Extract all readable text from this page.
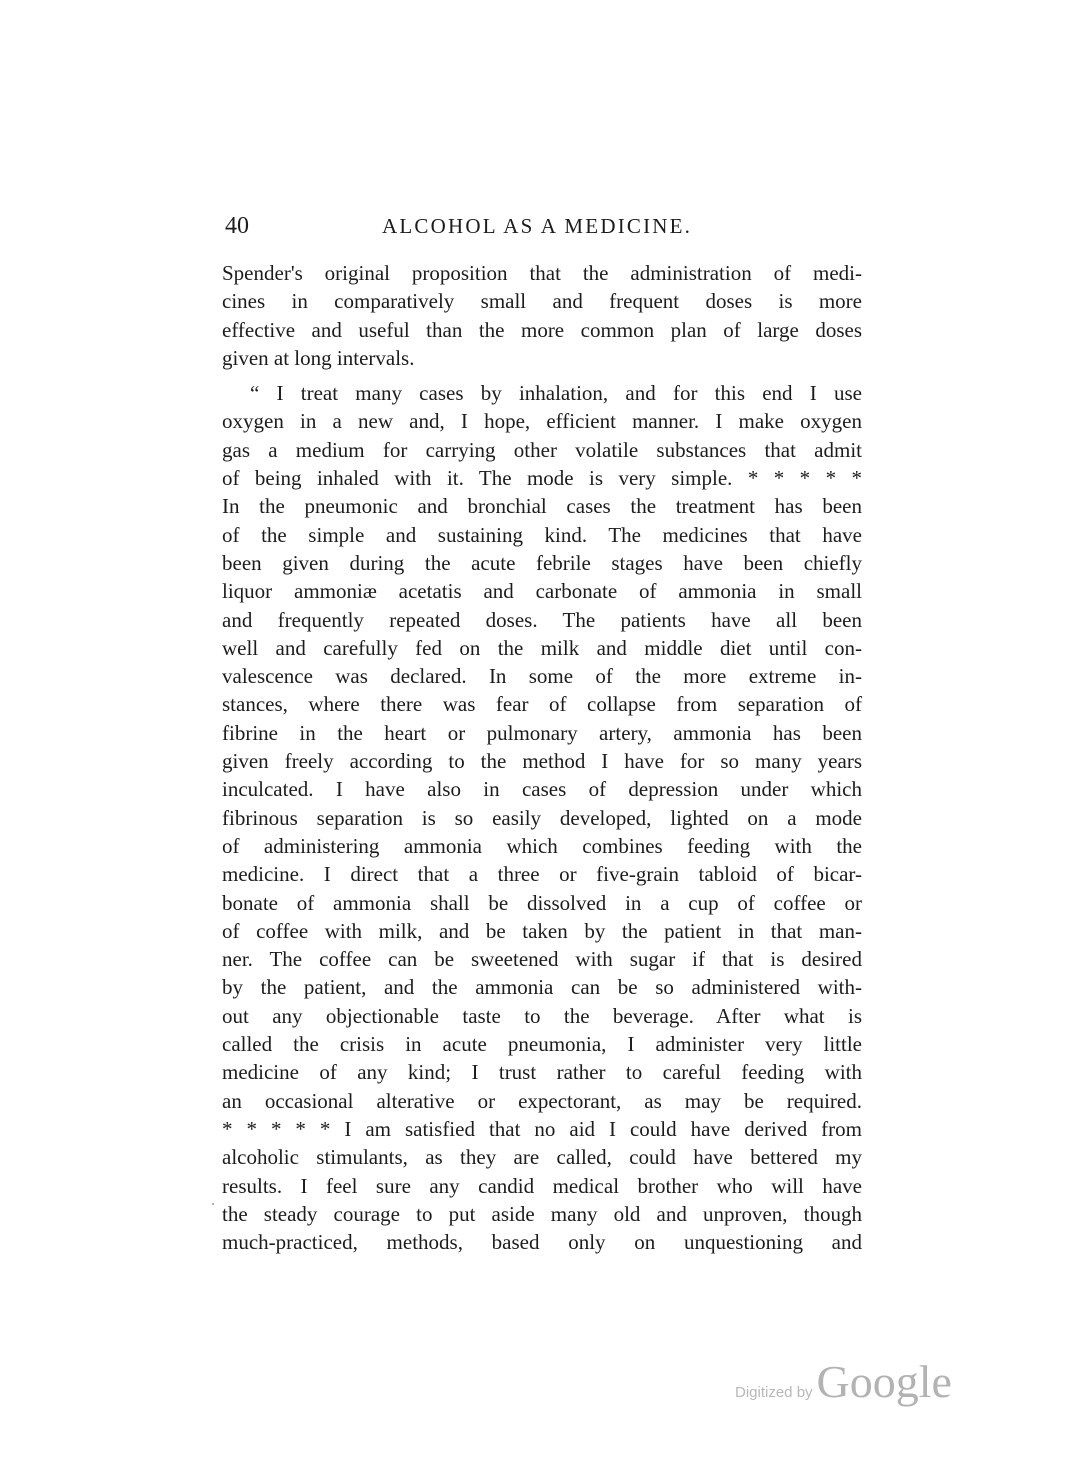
40	ALCOHOL AS A MEDICINE.
Spender's original proposition that the administration of medi-
cines in comparatively small and frequent doses is more
effective and useful than the more common plan of large doses
given at long intervals.
“ I treat many cases by inhalation, and for this end I use
oxygen in a new and, I hope, efficient manner. I make oxygen
gas a medium for carrying other volatile substances that admit
of being inhaled with it. The mode is very simple. * * * * *
In the pneumonic and bronchial cases the treatment has been
of the simple and sustaining kind. The medicines that have
been given during the acute febrile stages have been chiefly
liquor ammoniæ acetatis and carbonate of ammonia in small
and frequently repeated doses. The patients have all been
well and carefully fed on the milk and middle diet until con-
valescence was declared. In some of the more extreme in-
stances, where there was fear of collapse from separation of
fibrine in the heart or pulmonary artery, ammonia has been
given freely according to the method I have for so many years
inculcated. I have also in cases of depression under which
fibrinous separation is so easily developed, lighted on a mode
of administering ammonia which combines feeding with the
medicine. I direct that a three or five-grain tabloid of bicar-
bonate of ammonia shall be dissolved in a cup of coffee or
of coffee with milk, and be taken by the patient in that man-
ner. The coffee can be sweetened with sugar if that is desired
by the patient, and the ammonia can be so administered with-
out any objectionable taste to the beverage. After what is
called the crisis in acute pneumonia, I administer very little
medicine of any kind; I trust rather to careful feeding with
an occasional alterative or expectorant, as may be required.
* * * * * I am satisfied that no aid I could have derived from
alcoholic stimulants, as they are called, could have bettered my
results. I feel sure any candid medical brother who will have
the steady courage to put aside many old and unproven, though
much-practiced, methods, based only on unquestioning and
Digitized by Google
